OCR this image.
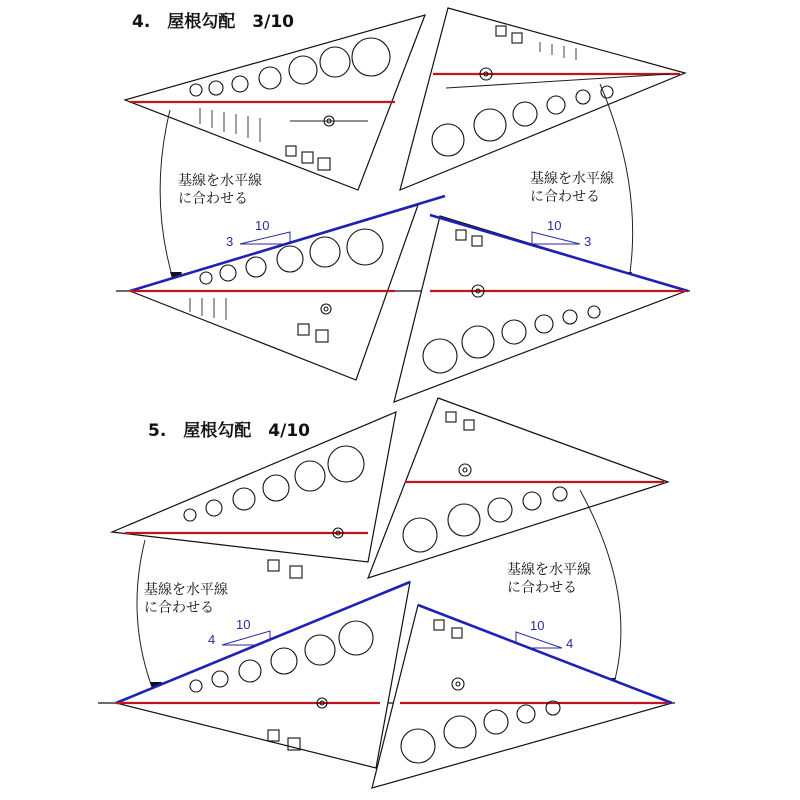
4.　屋根勾配　3/10
基線を水平線
に合わせる
基線を水平線
に合わせる
10
3
10
3
5.　屋根勾配　4/10
基線を水平線
に合わせる
基線を水平線
に合わせる
10
4
10
4
